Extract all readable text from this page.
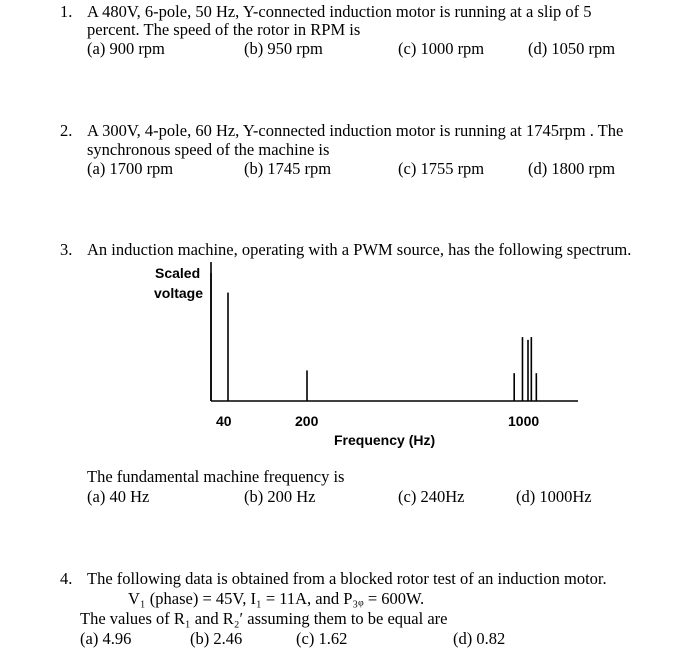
1. A 480V, 6-pole, 50 Hz, Y-connected induction motor is running at a slip of 5
percent. The speed of the rotor in RPM is
(a) 900 rpm	(b) 950 rpm	(c) 1000 rpm	(d) 1050 rpm
2. A 300V, 4-pole, 60 Hz, Y-connected induction motor is running at 1745rpm . The
synchronous speed of the machine is
(a) 1700 rpm	(b) 1745 rpm	(c) 1755 rpm	(d) 1800 rpm
3. An induction machine, operating with a PWM source, has the following spectrum.
Scaled
voltage
40	200	1000
Frequency (Hz)
The fundamental machine frequency is
(a) 40 Hz	(b) 200 Hz	(c) 240Hz	(d) 1000Hz
4. The following data is obtained from a blocked rotor test of an induction motor.
V₁ (phase) = 45V, I₁ = 11A, and P₃ᵩ = 600W.
The values of R₁ and R₂′ assuming them to be equal are
(a) 4.96	(b) 2.46	(c) 1.62	(d) 0.82
